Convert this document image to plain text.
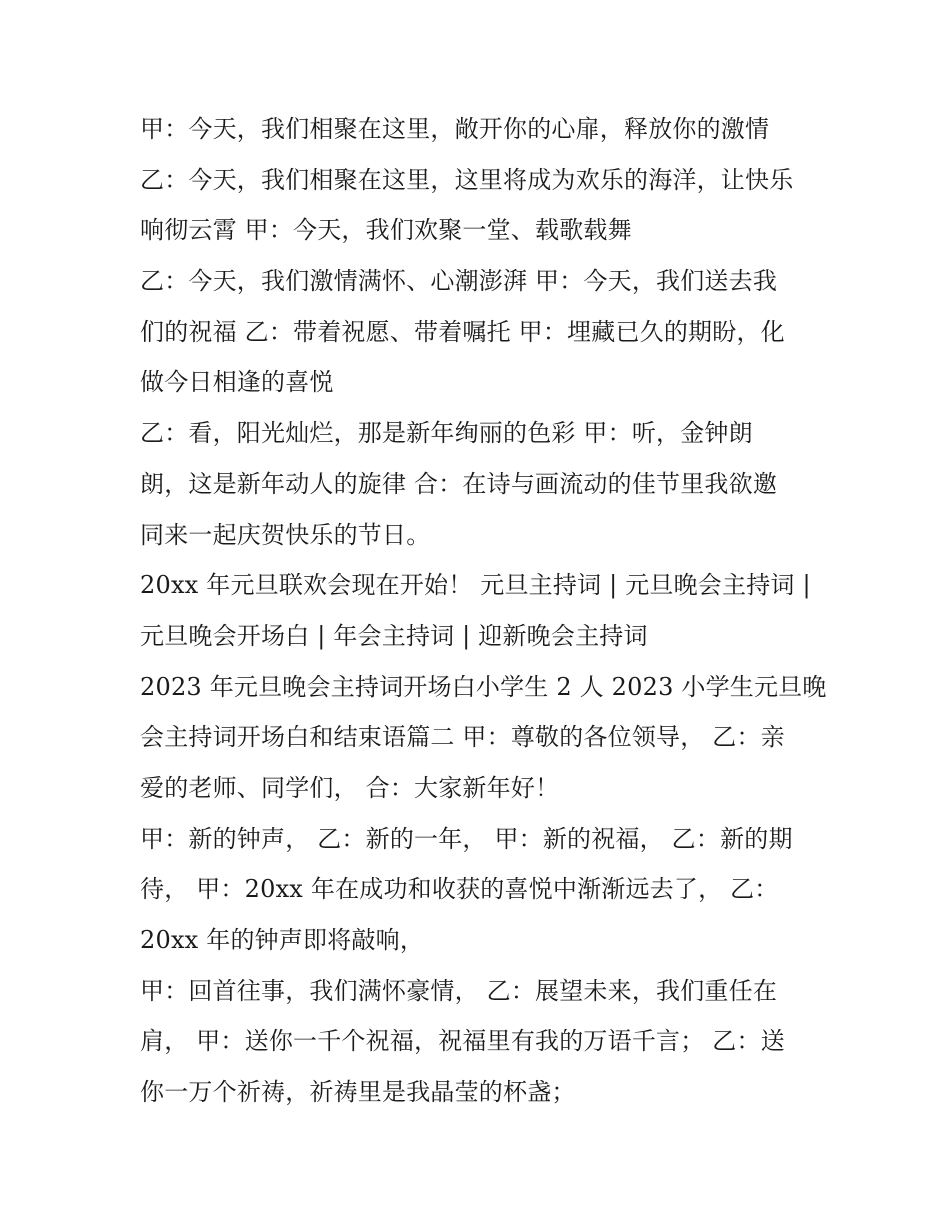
甲：今天，我们相聚在这里，敞开你的心扉，释放你的激情
乙：今天，我们相聚在这里，这里将成为欢乐的海洋，让快乐
响彻云霄 甲：今天，我们欢聚一堂、载歌载舞
乙：今天，我们激情满怀、心潮澎湃 甲：今天，我们送去我
们的祝福 乙：带着祝愿、带着嘱托 甲：埋藏已久的期盼，化
做今日相逢的喜悦
乙：看，阳光灿烂，那是新年绚丽的色彩 甲：听，金钟朗
朗，这是新年动人的旋律 合：在诗与画流动的佳节里我欲邀
同来一起庆贺快乐的节日。
20xx 年元旦联欢会现在开始！ 元旦主持词 | 元旦晚会主持词 |
元旦晚会开场白 | 年会主持词 | 迎新晚会主持词
2023 年元旦晚会主持词开场白小学生 2 人 2023 小学生元旦晚
会主持词开场白和结束语篇二 甲：尊敬的各位领导， 乙：亲
爱的老师、同学们， 合：大家新年好！
甲：新的钟声， 乙：新的一年， 甲：新的祝福， 乙：新的期
待， 甲：20xx 年在成功和收获的喜悦中渐渐远去了， 乙：
20xx 年的钟声即将敲响，
甲：回首往事，我们满怀豪情， 乙：展望未来，我们重任在
肩， 甲：送你一千个祝福，祝福里有我的万语千言； 乙：送
你一万个祈祷，祈祷里是我晶莹的杯盏；
